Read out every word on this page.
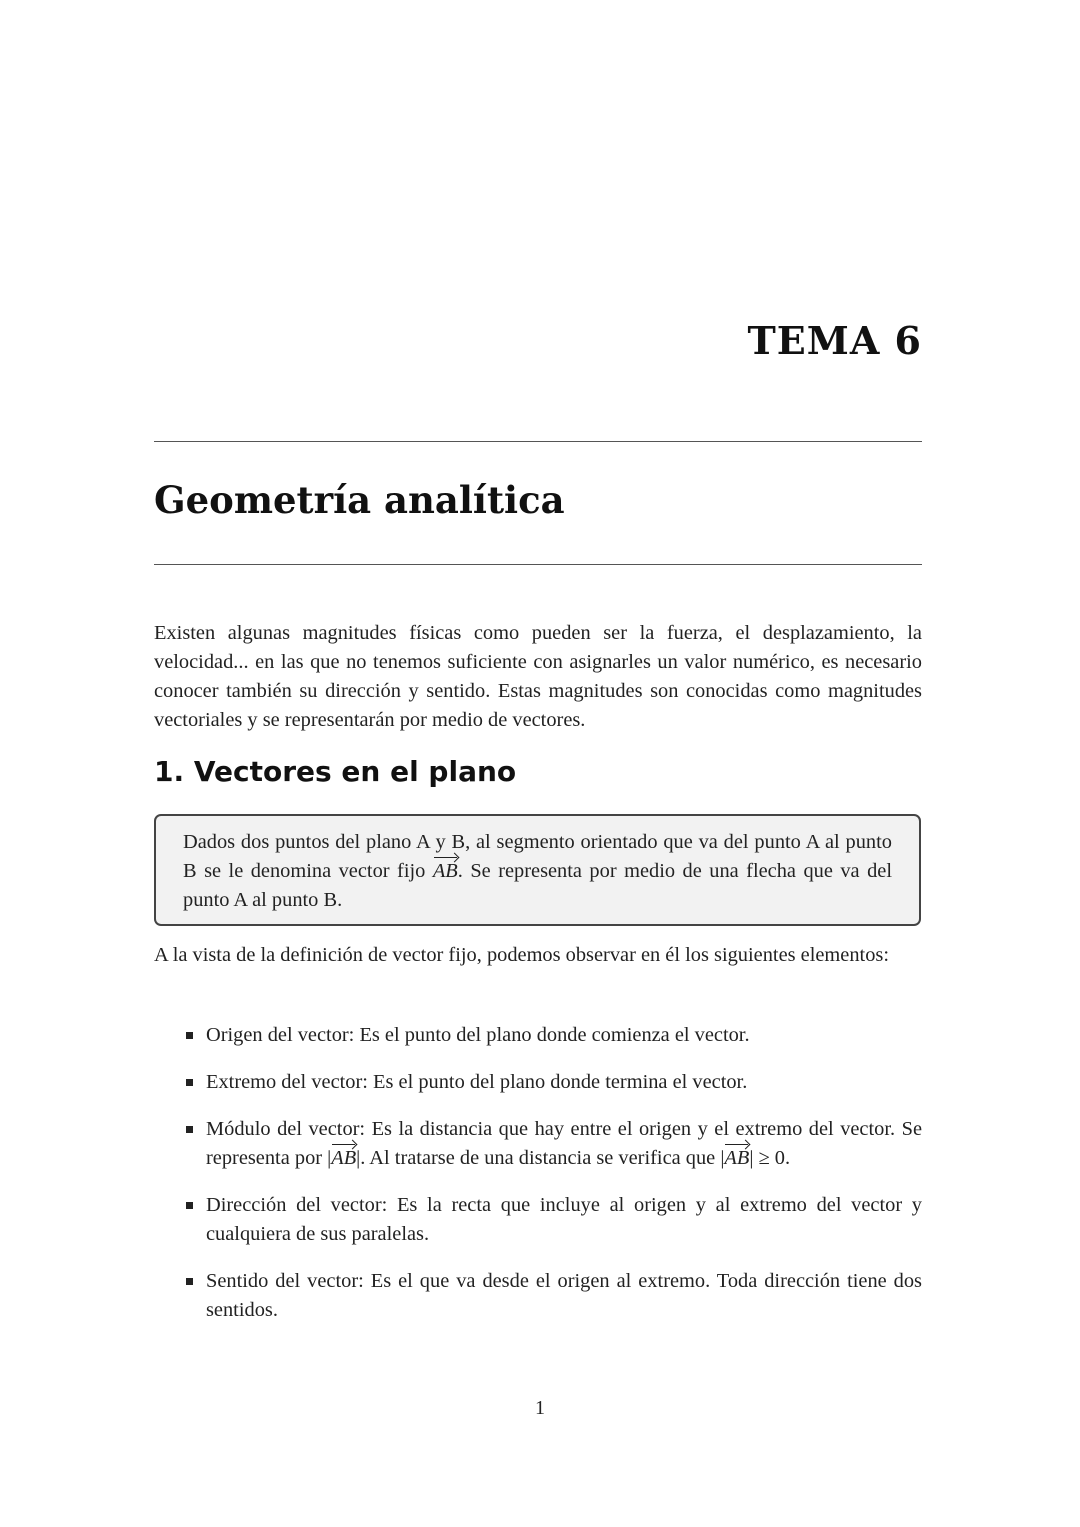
TEMA 6
Geometría analítica

Existen algunas magnitudes físicas como pueden ser la fuerza, el desplazamiento, la velocidad... en las que no tenemos suficiente con asignarles un valor numérico, es necesario conocer también su dirección y sentido. Estas magnitudes son conocidas como magnitudes vectoriales y se representarán por medio de vectores.

1. Vectores en el plano
Dados dos puntos del plano A y B, al segmento orientado que va del punto A al punto B se le denomina vector fijo AB. Se representa por medio de una flecha que va del punto A al punto B.

A la vista de la definición de vector fijo, podemos observar en él los siguientes elementos:

Origen del vector: Es el punto del plano donde comienza el vector.
Extremo del vector: Es el punto del plano donde termina el vector.
Módulo del vector: Es la distancia que hay entre el origen y el extremo del vector. Se representa por |AB|. Al tratarse de una distancia se verifica que |AB| ≥ 0.
Dirección del vector: Es la recta que incluye al origen y al extremo del vector y cualquiera de sus paralelas.
Sentido del vector: Es el que va desde el origen al extremo. Toda dirección tiene dos sentidos.
1
